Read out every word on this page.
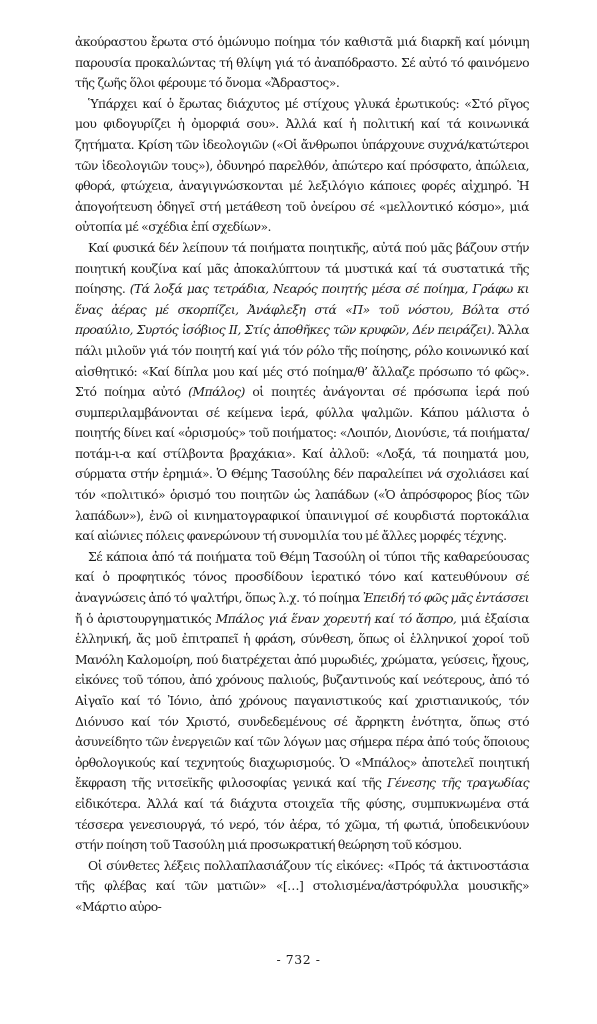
ἀκούραστου ἔρωτα στό ὁμώνυμο ποίημα τόν καθιστᾶ μιά διαρκῆ καί μόνιμη παρουσία προκαλώντας τή θλίψη γιά τό ἀναπόδραστο. Σέ αὐτό τό φαινόμενο τῆς ζωῆς ὅλοι φέρουμε τό ὄνομα «Ἄδραστος».

Ὑπάρχει καί ὁ ἔρωτας διάχυτος μέ στίχους γλυκά ἐρωτικούς: «Στό ρῖγος μου φιδογυρίζει ἡ ὀμορφιά σου». Ἀλλά καί ἡ πολιτική καί τά κοινωνικά ζητήματα. Κρίση τῶν ἰδεολογιῶν («Οἱ ἄνθρωποι ὑπάρχουνε συχνά/κατώτεροι τῶν ἰδεολογιῶν τους»), ὀδυνηρό παρελθόν, ἀπώτερο καί πρόσφατο, ἀπώλεια, φθορά, φτώχεια, ἀναγιγνώσκονται μέ λεξιλόγιο κάποιες φορές αἰχμηρό. Ἡ ἀπογοήτευση ὁδηγεῖ στή μετάθεση τοῦ ὀνείρου σέ «μελλοντικό κόσμο», μιά οὐτοπία μέ «σχέδια ἐπί σχεδίων».

Καί φυσικά δέν λείπουν τά ποιήματα ποιητικῆς, αὐτά πού μᾶς βάζουν στήν ποιητική κουζίνα καί μᾶς ἀποκαλύπτουν τά μυστικά καί τά συστατικά τῆς ποίησης. (Τά λοξά μας τετράδια, Νεαρός ποιητής μέσα σέ ποίημα, Γράφω κι ἕνας ἀέρας μέ σκορπίζει, Ἀνάφλεξη στά «Π» τοῦ νόστου, Βόλτα στό προαύλιο, Συρτός ἰσόβιος ΙΙ, Στίς ἀποθῆκες τῶν κρυφῶν, Δέν πειράζει). Ἄλλα πάλι μιλοῦν γιά τόν ποιητή καί γιά τόν ρόλο τῆς ποίησης, ρόλο κοινωνικό καί αἰσθητικό: «Καί δίπλα μου καί μές στό ποίημα/θ’ ἄλλαζε πρόσωπο τό φῶς». Στό ποίημα αὐτό (Μπάλος) οἱ ποιητές ἀνάγονται σέ πρόσωπα ἱερά πού συμπεριλαμβάνονται σέ κείμενα ἱερά, φύλλα ψαλμῶν. Κάπου μάλιστα ὁ ποιητής δίνει καί «ὁρισμούς» τοῦ ποιήματος: «Λοιπόν, Διονύσιε, τά ποιήματα/ποτάμ-ι-α καί στίλβοντα βραχάκια». Καί ἀλλοῦ: «Λοξά, τά ποιηματά μου, σύρματα στήν ἐρημιά». Ὁ Θέμης Τασούλης δέν παραλείπει νά σχολιάσει καί τόν «πολιτικό» ὁρισμό του ποιητῶν ὡς λαπάδων («Ὁ ἀπρόσφορος βίος τῶν λαπάδων»), ἐνῶ οἱ κινηματογραφικοί ὑπαινιγμοί σέ κουρδιστά πορτοκάλια καί αἰώνιες πόλεις φανερώνουν τή συνομιλία του μέ ἄλλες μορφές τέχνης.

Σέ κάποια ἀπό τά ποιήματα τοῦ Θέμη Τασούλη οἱ τύποι τῆς καθαρεύουσας καί ὁ προφητικός τόνος προσδίδουν ἱερατικό τόνο καί κατευθύνουν σέ ἀναγνώσεις ἀπό τό ψαλτήρι, ὅπως λ.χ. τό ποίημα Ἐπειδή τό φῶς μᾶς ἐντάσσει ἤ ὁ ἀριστουργηματικός Μπάλος γιά ἕναν χορευτή καί τό ἄσπρο, μιά ἐξαίσια ἑλληνική, ἄς μοῦ ἐπιτραπεῖ ἡ φράση, σύνθεση, ὅπως οἱ ἑλληνικοί χοροί τοῦ Μανόλη Καλομοίρη, πού διατρέχεται ἀπό μυρωδιές, χρώματα, γεύσεις, ἤχους, εἰκόνες τοῦ τόπου, ἀπό χρόνους παλιούς, βυζαντινούς καί νεότερους, ἀπό τό Αἰγαῖο καί τό Ἰόνιο, ἀπό χρόνους παγανιστικούς καί χριστιανικούς, τόν Διόνυσο καί τόν Χριστό, συνδεδεμένους σέ ἄρρηκτη ἑνότητα, ὅπως στό ἀσυνείδητο τῶν ἐνεργειῶν καί τῶν λόγων μας σήμερα πέρα ἀπό τούς ὅποιους ὀρθολογικούς καί τεχνητούς διαχωρισμούς. Ὁ «Μπάλος» ἀποτελεῖ ποιητική ἔκφραση τῆς νιτσεϊκῆς φιλοσοφίας γενικά καί τῆς Γένεσης τῆς τραγωδίας εἰδικότερα. Ἀλλά καί τά διάχυτα στοιχεῖα τῆς φύσης, συμπυκνωμένα στά τέσσερα γενεσιουργά, τό νερό, τόν ἀέρα, τό χῶμα, τή φωτιά, ὑποδεικνύουν στήν ποίηση τοῦ Τασούλη μιά προσωκρατική θεώρηση τοῦ κόσμου.

Οἱ σύνθετες λέξεις πολλαπλασιάζουν τίς εἰκόνες: «Πρός τά ἀκτινοστάσια τῆς φλέβας καί τῶν ματιῶν» «[…] στολισμένα/ἀστρόφυλλα μουσικῆς» «Μάρτιο αὐρο-

- 732 -
